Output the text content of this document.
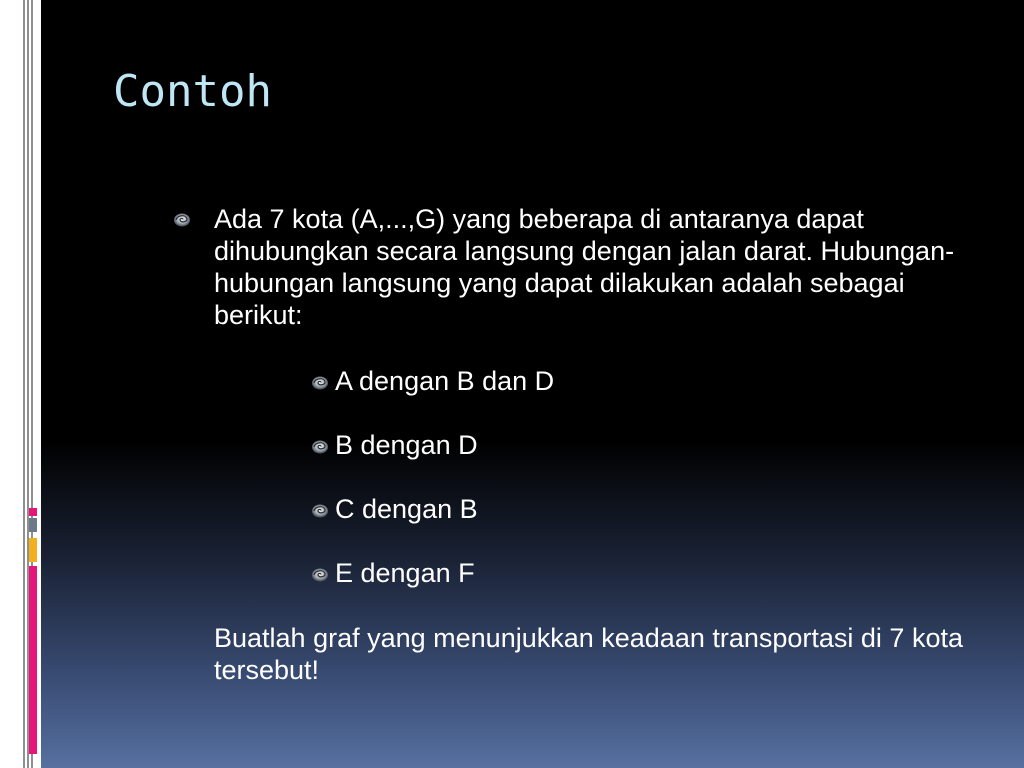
Contoh

Ada 7 kota (A,...,G) yang beberapa di antaranya dapat dihubungkan secara langsung dengan jalan darat. Hubungan-hubungan langsung yang dapat dilakukan adalah sebagai berikut:

A dengan B dan D

B dengan D

C dengan B

E dengan F

Buatlah graf yang menunjukkan keadaan transportasi di 7 kota tersebut!
